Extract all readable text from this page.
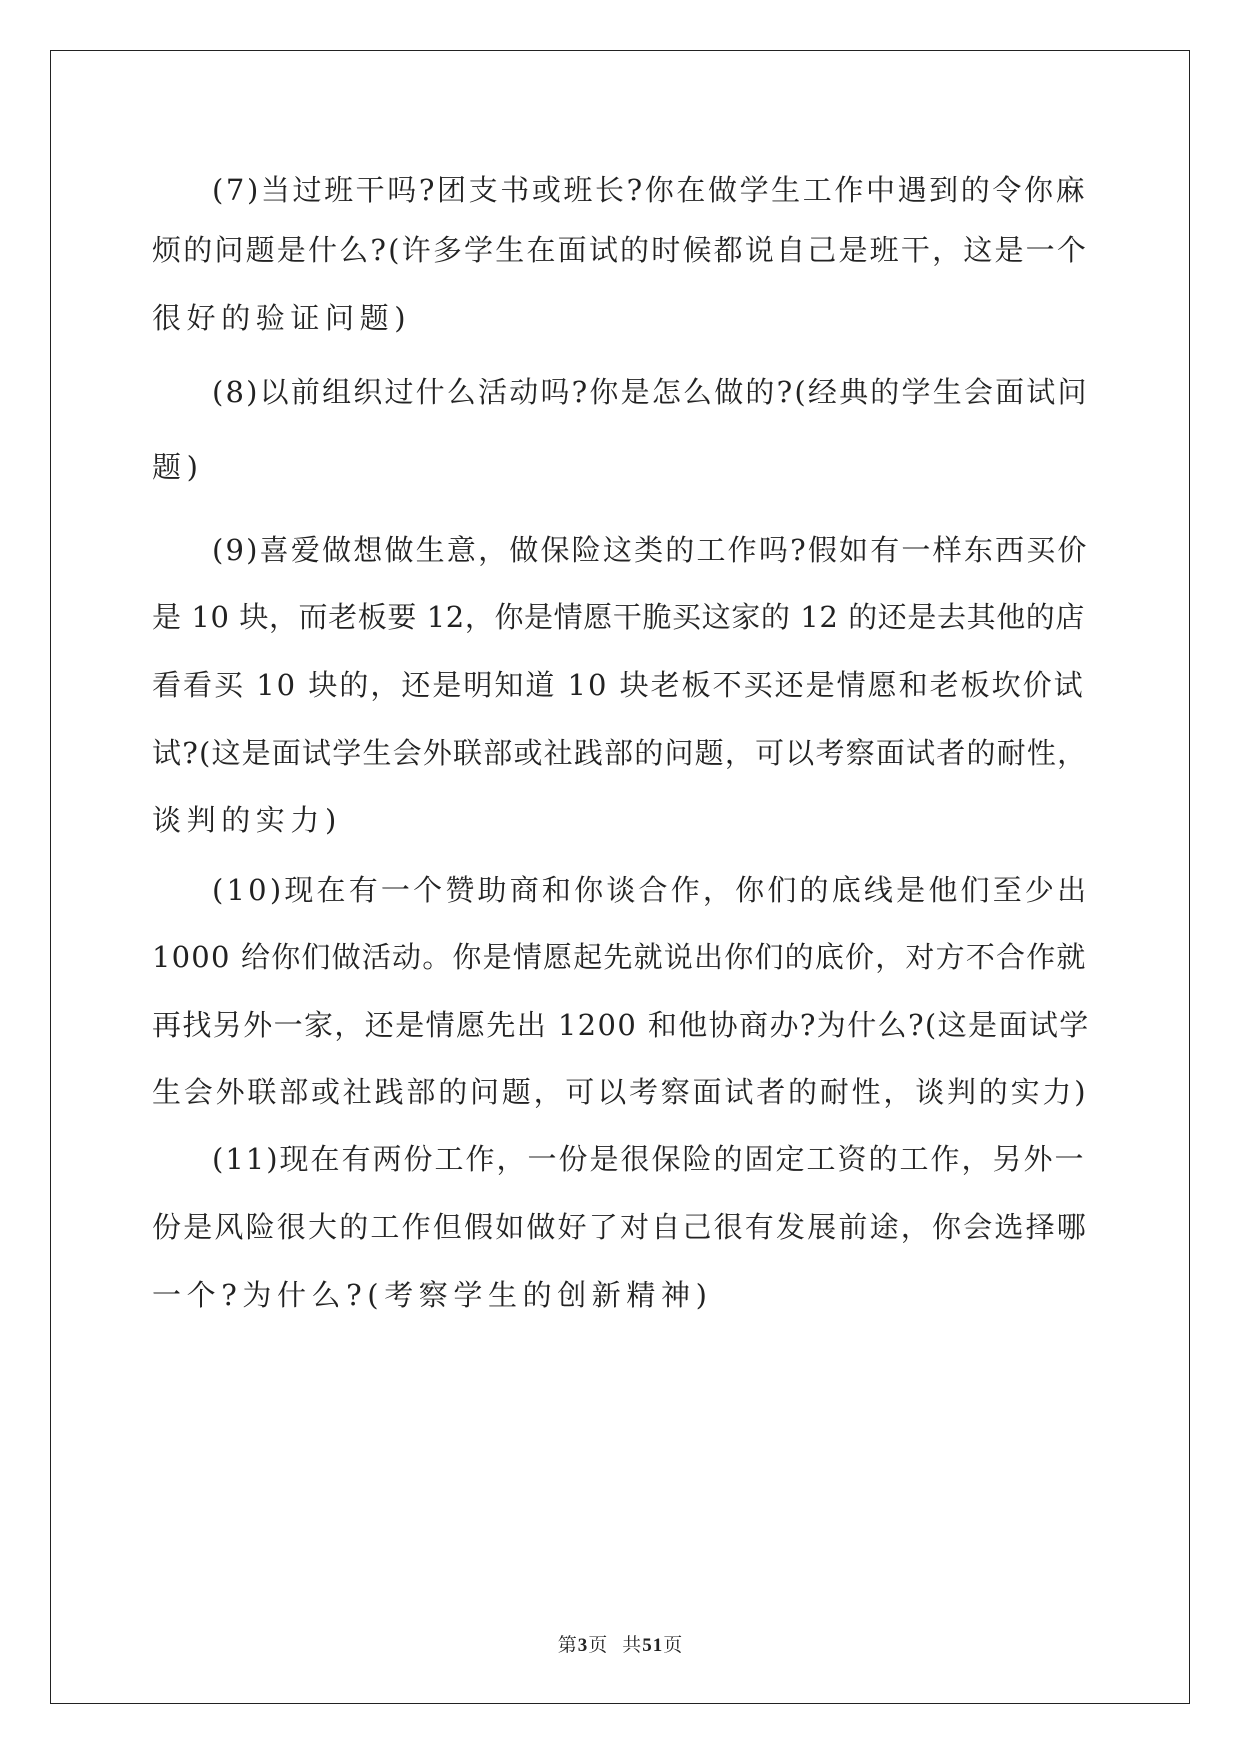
(7)当过班干吗?团支书或班长?你在做学生工作中遇到的令你麻
烦的问题是什么?(许多学生在面试的时候都说自己是班干，这是一个
很好的验证问题)
(8)以前组织过什么活动吗?你是怎么做的?(经典的学生会面试问
题)
(9)喜爱做想做生意，做保险这类的工作吗?假如有一样东西买价
是 10 块，而老板要 12，你是情愿干脆买这家的 12 的还是去其他的店
看看买 10 块的，还是明知道 10 块老板不买还是情愿和老板坎价试
试?(这是面试学生会外联部或社践部的问题，可以考察面试者的耐性，
谈判的实力)
(10)现在有一个赞助商和你谈合作，你们的底线是他们至少出
1000 给你们做活动。你是情愿起先就说出你们的底价，对方不合作就
再找另外一家，还是情愿先出 1200 和他协商办?为什么?(这是面试学
生会外联部或社践部的问题，可以考察面试者的耐性，谈判的实力)
(11)现在有两份工作，一份是很保险的固定工资的工作，另外一
份是风险很大的工作但假如做好了对自己很有发展前途，你会选择哪
一个?为什么?(考察学生的创新精神)
第3页 共51页
